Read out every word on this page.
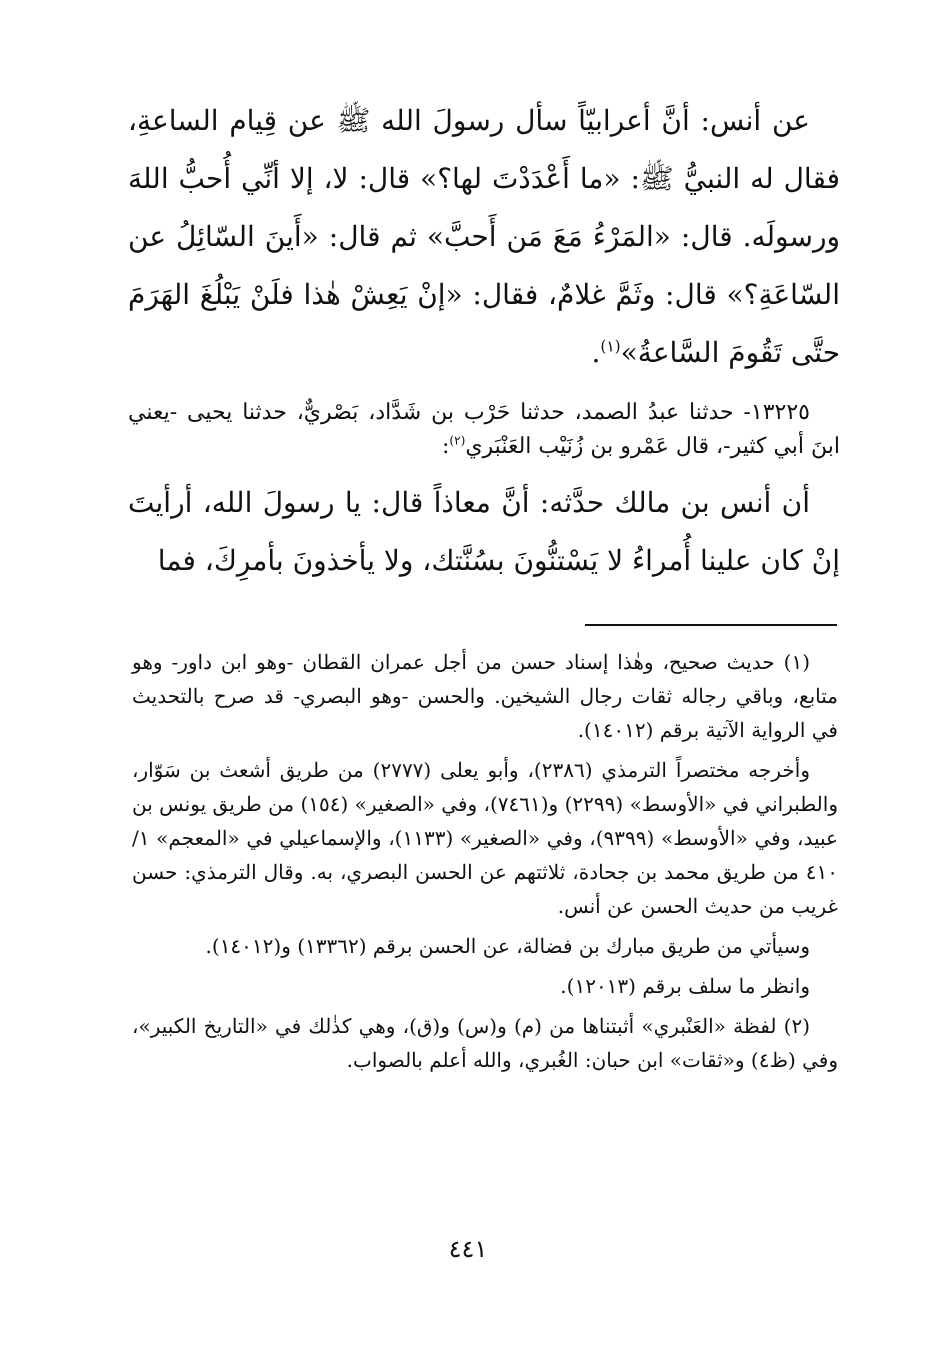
عن أنس: أنَّ أعرابيّاً سأل رسولَ الله ﷺ عن قِيام الساعةِ، فقال له النبيُّ ﷺ: «ما أَعْدَدْتَ لها؟» قال: لا، إلا أنِّي أُحبُّ اللهَ ورسولَه. قال: «المَرْءُ مَعَ مَن أَحبَّ» ثم قال: «أَينَ السّائِلُ عن السّاعَةِ؟» قال: وثَمَّ غلامٌ، فقال: «إنْ يَعِشْ هٰذا فلَنْ يَبْلُغَ الهَرَمَ حتَّى تَقُومَ السَّاعةُ»$^{(١)}$.

١٣٢٢٥- حدثنا عبدُ الصمد، حدثنا حَرْب بن شَدَّاد، بَصْريٌّ، حدثنا يحيى -يعني ابنَ أبي كثير-، قال عَمْرو بن زُنَيْب العَنْبَري$^{(٢)}$:

أن أنس بن مالك حدَّثه: أنَّ معاذاً قال: يا رسولَ الله، أرأيتَ إنْ كان علينا أُمراءُ لا يَسْتنُّونَ بسُنَّتك، ولا يأخذونَ بأمرِكَ، فما

(١) حديث صحيح، وهٰذا إسناد حسن من أجل عمران القطان -وهو ابن داور- وهو متابع، وباقي رجاله ثقات رجال الشيخين. والحسن -وهو البصري- قد صرح بالتحديث في الرواية الآتية برقم (١٤٠١٢).

وأخرجه مختصراً الترمذي (٢٣٨٦)، وأبو يعلى (٢٧٧٧) من طريق أشعث بن سَوّار، والطبراني في «الأوسط» (٢٢٩٩) و(٧٤٦١)، وفي «الصغير» (١٥٤) من طريق يونس بن عبيد، وفي «الأوسط» (٩٣٩٩)، وفي «الصغير» (١١٣٣)، والإسماعيلي في «المعجم» ١/ ٤١٠ من طريق محمد بن جحادة، ثلاثتهم عن الحسن البصري، به. وقال الترمذي: حسن غريب من حديث الحسن عن أنس.

وسيأتي من طريق مبارك بن فضالة، عن الحسن برقم (١٣٣٦٢) و(١٤٠١٢).

وانظر ما سلف برقم (١٢٠١٣).

(٢) لفظة «العَنْبري» أثبتناها من (م) و(س) و(ق)، وهي كذٰلك في «التاريخ الكبير»، وفي (ظ٤) و«ثقات» ابن حبان: الغُبري، والله أعلم بالصواب.

٤٤١
